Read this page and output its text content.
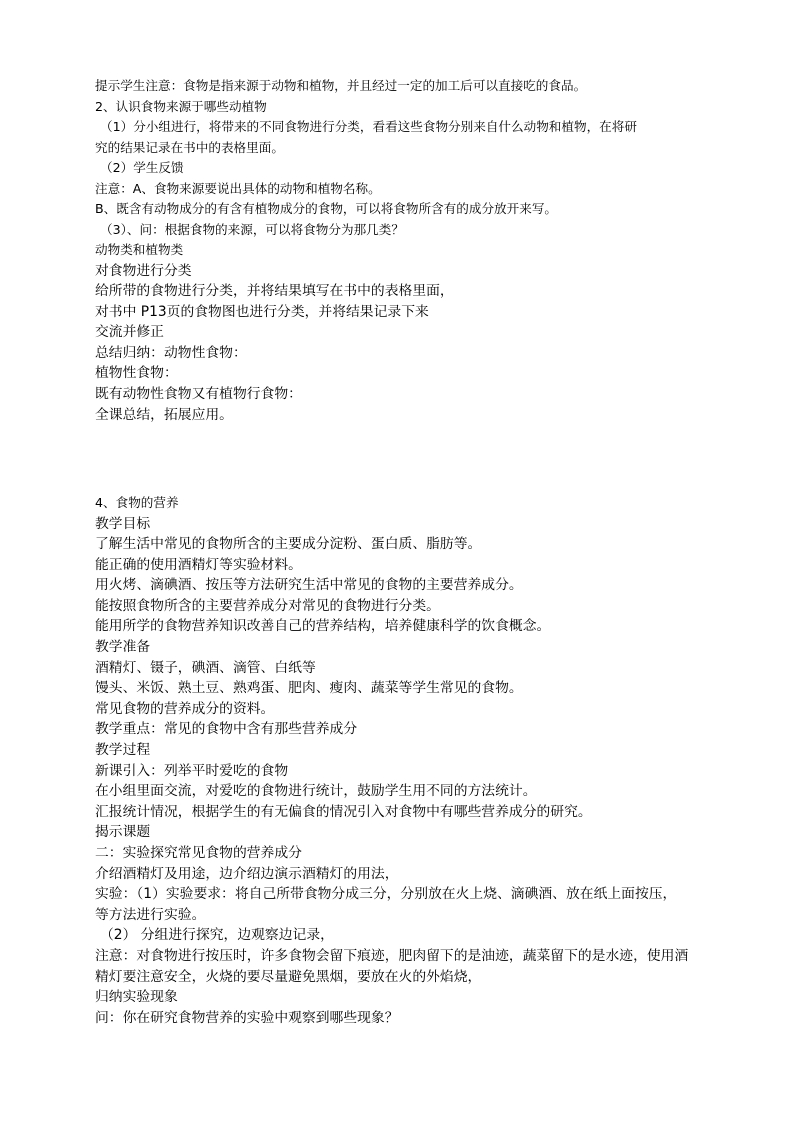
提示学生注意：食物是指来源于动物和植物，并且经过一定的加工后可以直接吃的食品。
2、认识食物来源于哪些动植物
（1）分小组进行，将带来的不同食物进行分类，看看这些食物分别来自什么动物和植物，在将研
究的结果记录在书中的表格里面。
（2）学生反馈
注意：A、食物来源要说出具体的动物和植物名称。
B、既含有动物成分的有含有植物成分的食物，可以将食物所含有的成分放开来写。
（3）、问：根据食物的来源，可以将食物分为那几类？
动物类和植物类
对食物进行分类
给所带的食物进行分类，并将结果填写在书中的表格里面，
对书中 P13页的食物图也进行分类，并将结果记录下来
交流并修正
总结归纳：动物性食物：
植物性食物：
既有动物性食物又有植物行食物：
全课总结，拓展应用。
4、食物的营养
教学目标
了解生活中常见的食物所含的主要成分淀粉、蛋白质、脂肪等。
能正确的使用酒精灯等实验材料。
用火烤、滴碘酒、按压等方法研究生活中常见的食物的主要营养成分。
能按照食物所含的主要营养成分对常见的食物进行分类。
能用所学的食物营养知识改善自己的营养结构，培养健康科学的饮食概念。
教学准备
酒精灯、镊子，碘酒、滴管、白纸等
馒头、米饭、熟土豆、熟鸡蛋、肥肉、瘦肉、蔬菜等学生常见的食物。
常见食物的营养成分的资料。
教学重点：常见的食物中含有那些营养成分
教学过程
新课引入：列举平时爱吃的食物
在小组里面交流，对爱吃的食物进行统计，鼓励学生用不同的方法统计。
汇报统计情况，根据学生的有无偏食的情况引入对食物中有哪些营养成分的研究。
揭示课题
二：实验探究常见食物的营养成分
介绍酒精灯及用途，边介绍边演示酒精灯的用法，
实验：（1）实验要求：将自己所带食物分成三分，分别放在火上烧、滴碘酒、放在纸上面按压，
等方法进行实验。
（2） 分组进行探究，边观察边记录，
注意：对食物进行按压时，许多食物会留下痕迹，肥肉留下的是油迹，蔬菜留下的是水迹，使用酒
精灯要注意安全，火烧的要尽量避免黑烟，要放在火的外焰烧，
归纳实验现象
问：你在研究食物营养的实验中观察到哪些现象？
